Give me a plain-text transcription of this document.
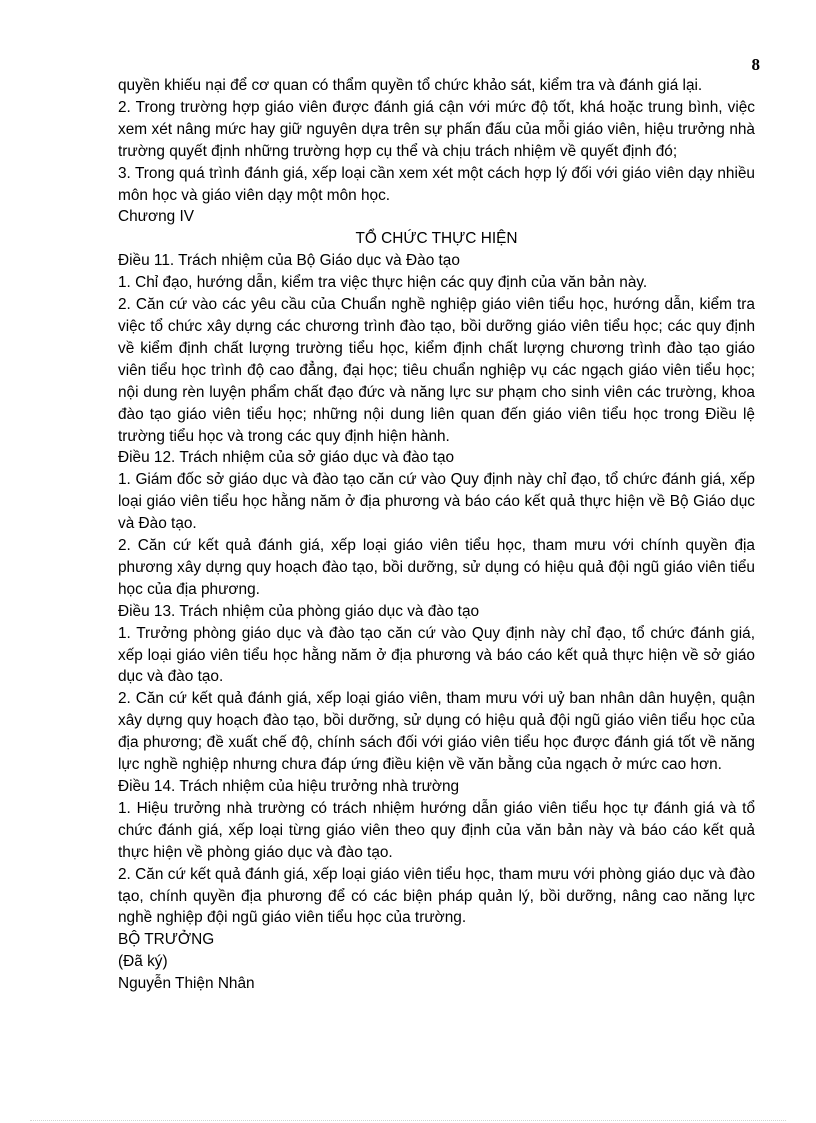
8

quyền khiếu nại để cơ quan có thẩm quyền tổ chức khảo sát, kiểm tra và đánh giá lại.

2. Trong trường hợp giáo viên được đánh giá cận với mức độ tốt, khá hoặc trung bình, việc xem xét nâng mức hay giữ nguyên dựa trên sự phấn đấu của mỗi giáo viên, hiệu trưởng nhà trường quyết định những trường hợp cụ thể và chịu trách nhiệm về quyết định đó;

3. Trong quá trình đánh giá, xếp loại cần xem xét một cách hợp lý đối với giáo viên dạy nhiều môn học và giáo viên dạy một môn học.

Chương IV

TỔ CHỨC THỰC HIỆN

Điều 11. Trách nhiệm của Bộ Giáo dục và Đào tạo

1. Chỉ đạo, hướng dẫn, kiểm tra việc thực hiện các quy định của văn bản này.

2. Căn cứ vào các yêu cầu của Chuẩn nghề nghiệp giáo viên tiểu học, hướng dẫn, kiểm tra việc tổ chức xây dựng các chương trình đào tạo, bồi dưỡng giáo viên tiểu học; các quy định về kiểm định chất lượng trường tiểu học, kiểm định chất lượng chương trình đào tạo giáo viên tiểu học trình độ cao đẳng, đại học; tiêu chuẩn nghiệp vụ các ngạch giáo viên tiểu học; nội dung rèn luyện phẩm chất đạo đức và năng lực sư phạm cho sinh viên các trường, khoa đào tạo giáo viên tiểu học; những nội dung liên quan đến giáo viên tiểu học trong Điều lệ trường tiểu học và trong các quy định hiện hành.

Điều 12. Trách nhiệm của sở giáo dục và đào tạo

1. Giám đốc sở giáo dục và đào tạo căn cứ vào Quy định này chỉ đạo, tổ chức đánh giá, xếp loại giáo viên tiểu học hằng năm ở địa phương và báo cáo kết quả thực hiện về Bộ Giáo dục và Đào tạo.

2. Căn cứ kết quả đánh giá, xếp loại giáo viên tiểu học, tham mưu với chính quyền địa phương xây dựng quy hoạch đào tạo, bồi dưỡng, sử dụng có hiệu quả đội ngũ giáo viên tiểu học của địa phương.

Điều 13. Trách nhiệm của phòng giáo dục và đào tạo

1. Trưởng phòng giáo dục và đào tạo căn cứ vào Quy định này chỉ đạo, tổ chức đánh giá, xếp loại giáo viên tiểu học hằng năm ở địa phương và báo cáo kết quả thực hiện về sở giáo dục và đào tạo.

2. Căn cứ kết quả đánh giá, xếp loại giáo viên, tham mưu với uỷ ban nhân dân huyện, quận xây dựng quy hoạch đào tạo, bồi dưỡng, sử dụng có hiệu quả đội ngũ giáo viên tiểu học của địa phương; đề xuất chế độ, chính sách đối với giáo viên tiểu học được đánh giá tốt về năng lực nghề nghiệp nhưng chưa đáp ứng điều kiện về văn bằng của ngạch ở mức cao hơn.

Điều 14. Trách nhiệm của hiệu trưởng nhà trường

1. Hiệu trưởng nhà trường có trách nhiệm hướng dẫn giáo viên tiểu học tự đánh giá và tổ chức đánh giá, xếp loại từng giáo viên theo quy định của văn bản này và báo cáo kết quả thực hiện về phòng giáo dục và đào tạo.

2. Căn cứ kết quả đánh giá, xếp loại giáo viên tiểu học, tham mưu với phòng giáo dục và đào tạo, chính quyền địa phương để có các biện pháp quản lý, bồi dưỡng, nâng cao năng lực nghề nghiệp đội ngũ giáo viên tiểu học của trường.

BỘ TRƯỞNG

(Đã ký)

Nguyễn Thiện Nhân
